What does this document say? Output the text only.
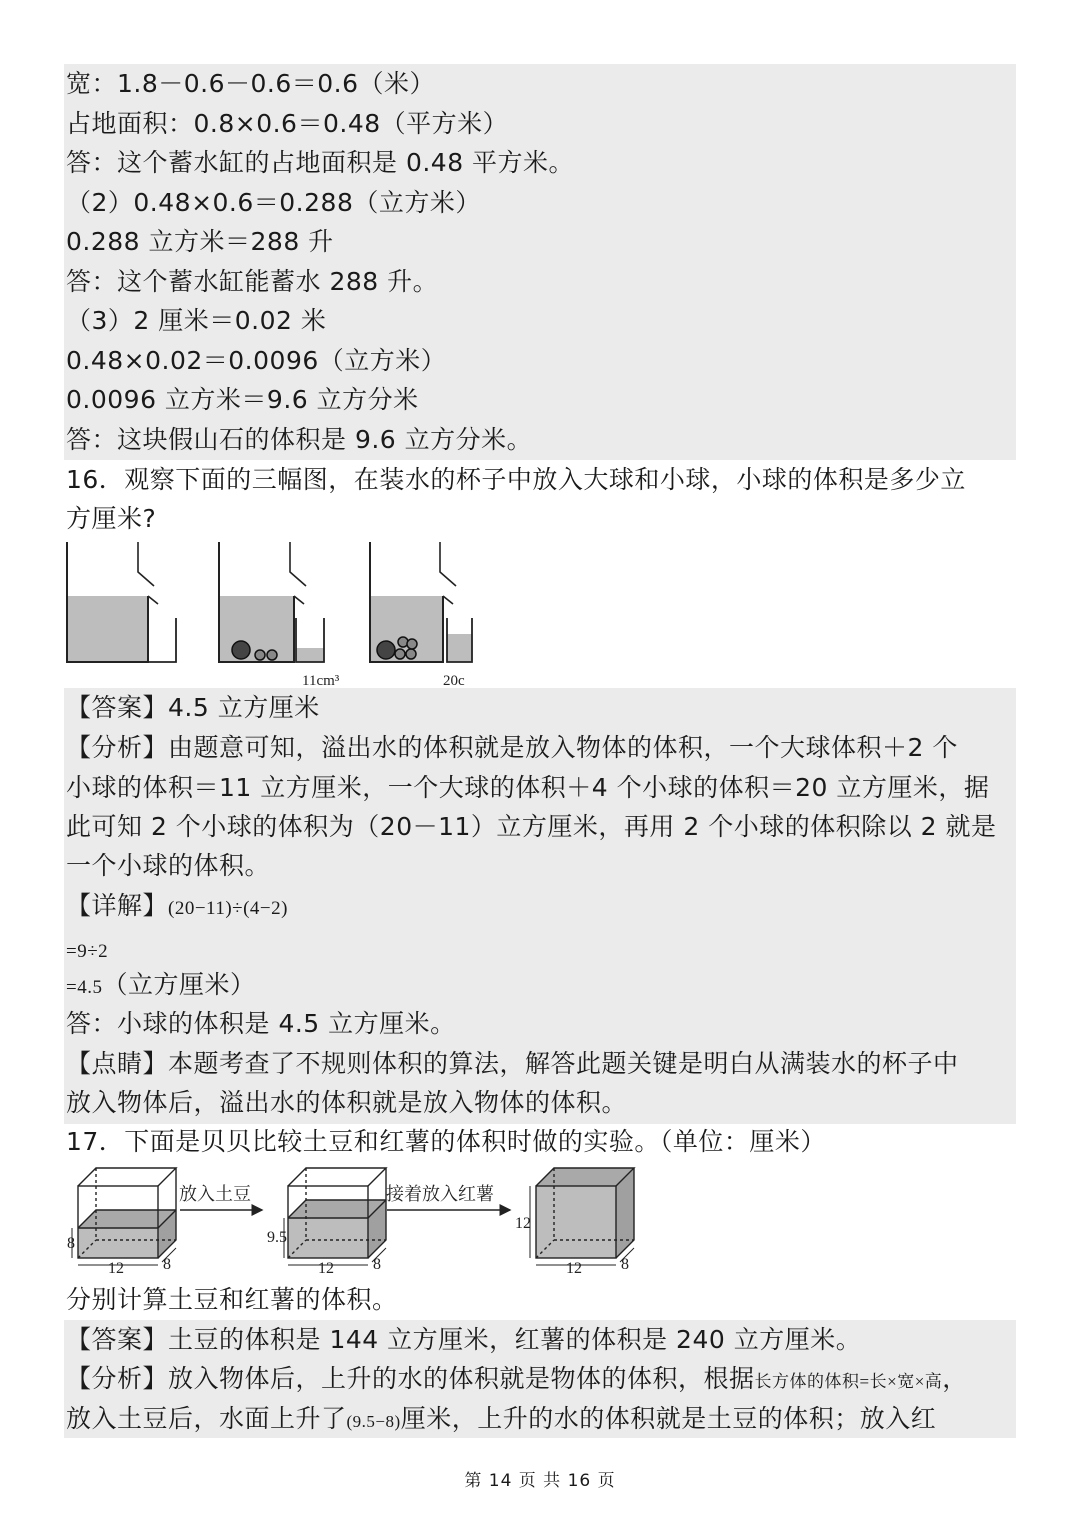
宽：1.8－0.6－0.6＝0.6（米）
占地面积：0.8×0.6＝0.48（平方米）
答：这个蓄水缸的占地面积是 0.48 平方米。
（2）0.48×0.6＝0.288（立方米）
0.288 立方米＝288 升
答：这个蓄水缸能蓄水 288 升。
（3）2 厘米＝0.02 米
0.48×0.02＝0.0096（立方米）
0.0096 立方米＝9.6 立方分米
答：这块假山石的体积是 9.6 立方分米。
16．观察下面的三幅图，在装水的杯子中放入大球和小球，小球的体积是多少立
方厘米?
11cm³	20c
【答案】4.5 立方厘米
【分析】由题意可知，溢出水的体积就是放入物体的体积，一个大球体积＋2 个
小球的体积＝11 立方厘米，一个大球的体积＋4 个小球的体积＝20 立方厘米，据
此可知 2 个小球的体积为（20－11）立方厘米，再用 2 个小球的体积除以 2 就是
一个小球的体积。
【详解】(20−11)÷(4−2)
=9÷2
=4.5（立方厘米）
答：小球的体积是 4.5 立方厘米。
【点睛】本题考查了不规则体积的算法，解答此题关键是明白从满装水的杯子中
放入物体后，溢出水的体积就是放入物体的体积。
17．下面是贝贝比较土豆和红薯的体积时做的实验。（单位：厘米）
8
12 8
放入土豆
9.5
12 8
接着放入红薯
12
12 8
分别计算土豆和红薯的体积。
【答案】土豆的体积是 144 立方厘米，红薯的体积是 240 立方厘米。
【分析】放入物体后，上升的水的体积就是物体的体积，根据长方体的体积=长×宽×高，
放入土豆后，水面上升了(9.5−8)厘米，上升的水的体积就是土豆的体积；放入红
第 14 页 共 16 页
